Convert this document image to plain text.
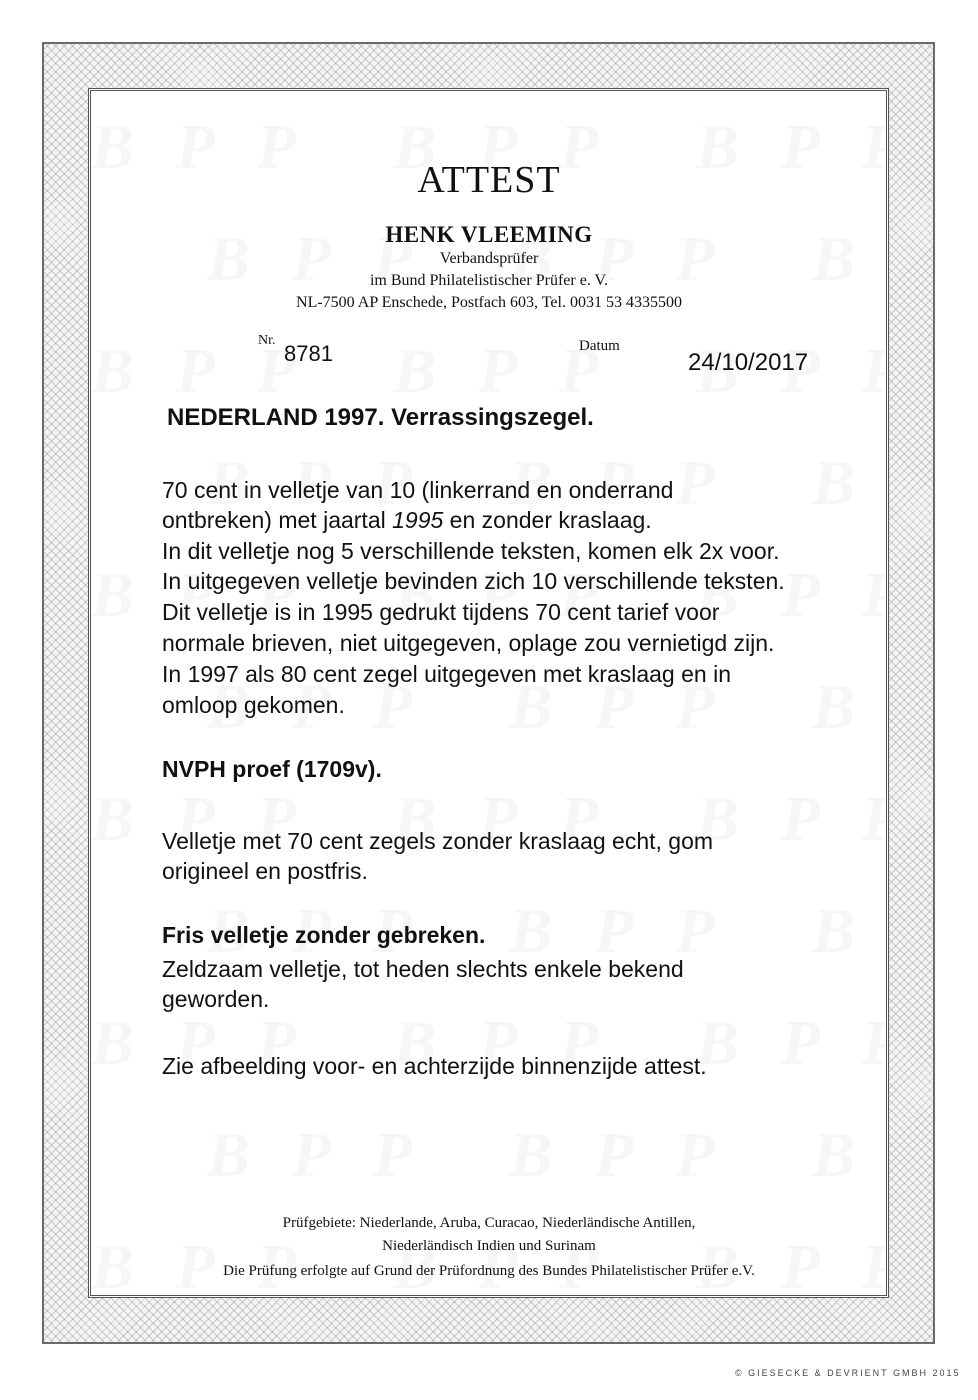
ATTEST
HENK VLEEMING
Verbandsprüfer
im Bund Philatelistischer Prüfer e. V.
NL-7500 AP Enschede, Postfach 603, Tel. 0031 53 4335500
Nr.
8781	Datum
24/10/2017
NEDERLAND 1997. Verrassingszegel.
70 cent in velletje van 10 (linkerrand en onderrand
ontbreken) met jaartal 1995 en zonder kraslaag.
In dit velletje nog 5 verschillende teksten, komen elk 2x voor.
In uitgegeven velletje bevinden zich 10 verschillende teksten.
Dit velletje is in 1995 gedrukt tijdens 70 cent tarief voor
normale brieven, niet uitgegeven, oplage zou vernietigd zijn.
In 1997 als 80 cent zegel uitgegeven met kraslaag en in
omloop gekomen.
NVPH proef (1709v).
Velletje met 70 cent zegels zonder kraslaag echt, gom
origineel en postfris.
Fris velletje zonder gebreken.
Zeldzaam velletje, tot heden slechts enkele bekend
geworden.
Zie afbeelding voor- en achterzijde binnenzijde attest.
Prüfgebiete: Niederlande, Aruba, Curacao, Niederländische Antillen,
Niederländisch Indien und Surinam
Die Prüfung erfolgte auf Grund der Prüfordnung des Bundes Philatelistischer Prüfer e.V.
© GIESECKE & DEVRIENT GMBH 2015
